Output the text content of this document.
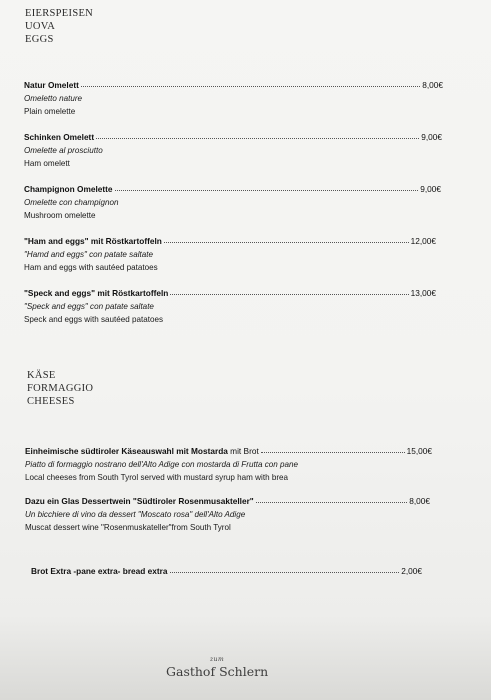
EIERSPEISEN
UOVA
EGGS
Natur Omelett	8,00€
Omeletto nature
Plain omelette
Schinken Omelett	9,00€
Omelette al prosciutto
Ham omelett
Champignon Omelette	9,00€
Omelette con champignon
Mushroom omelette
"Ham and eggs" mit Röstkartoffeln	12,00€
"Hamd and eggs" con patate saltate
Ham and eggs with sautéed patatoes
"Speck and eggs" mit Röstkartoffeln	13,00€
"Speck and eggs" con patate saltate
Speck and eggs with sautéed patatoes
KÄSE
FORMAGGIO
CHEESES
Einheimische südtiroler Käseauswahl mit Mostarda mit Brot	15,00€
Piatto di formaggio nostrano dell'Alto Adige con mostarda di Frutta con pane
Local cheeses from South Tyrol served with mustard syrup ham with brea
Dazu ein Glas Dessertwein "Südtiroler Rosenmusakteller"	8,00€
Un bicchiere di vino da dessert "Moscato rosa" dell'Alto Adige
Muscat dessert wine "Rosenmuskateller"from South Tyrol
Brot Extra -pane extra- bread extra	2,00€
Gasthof
zum
Schlern
